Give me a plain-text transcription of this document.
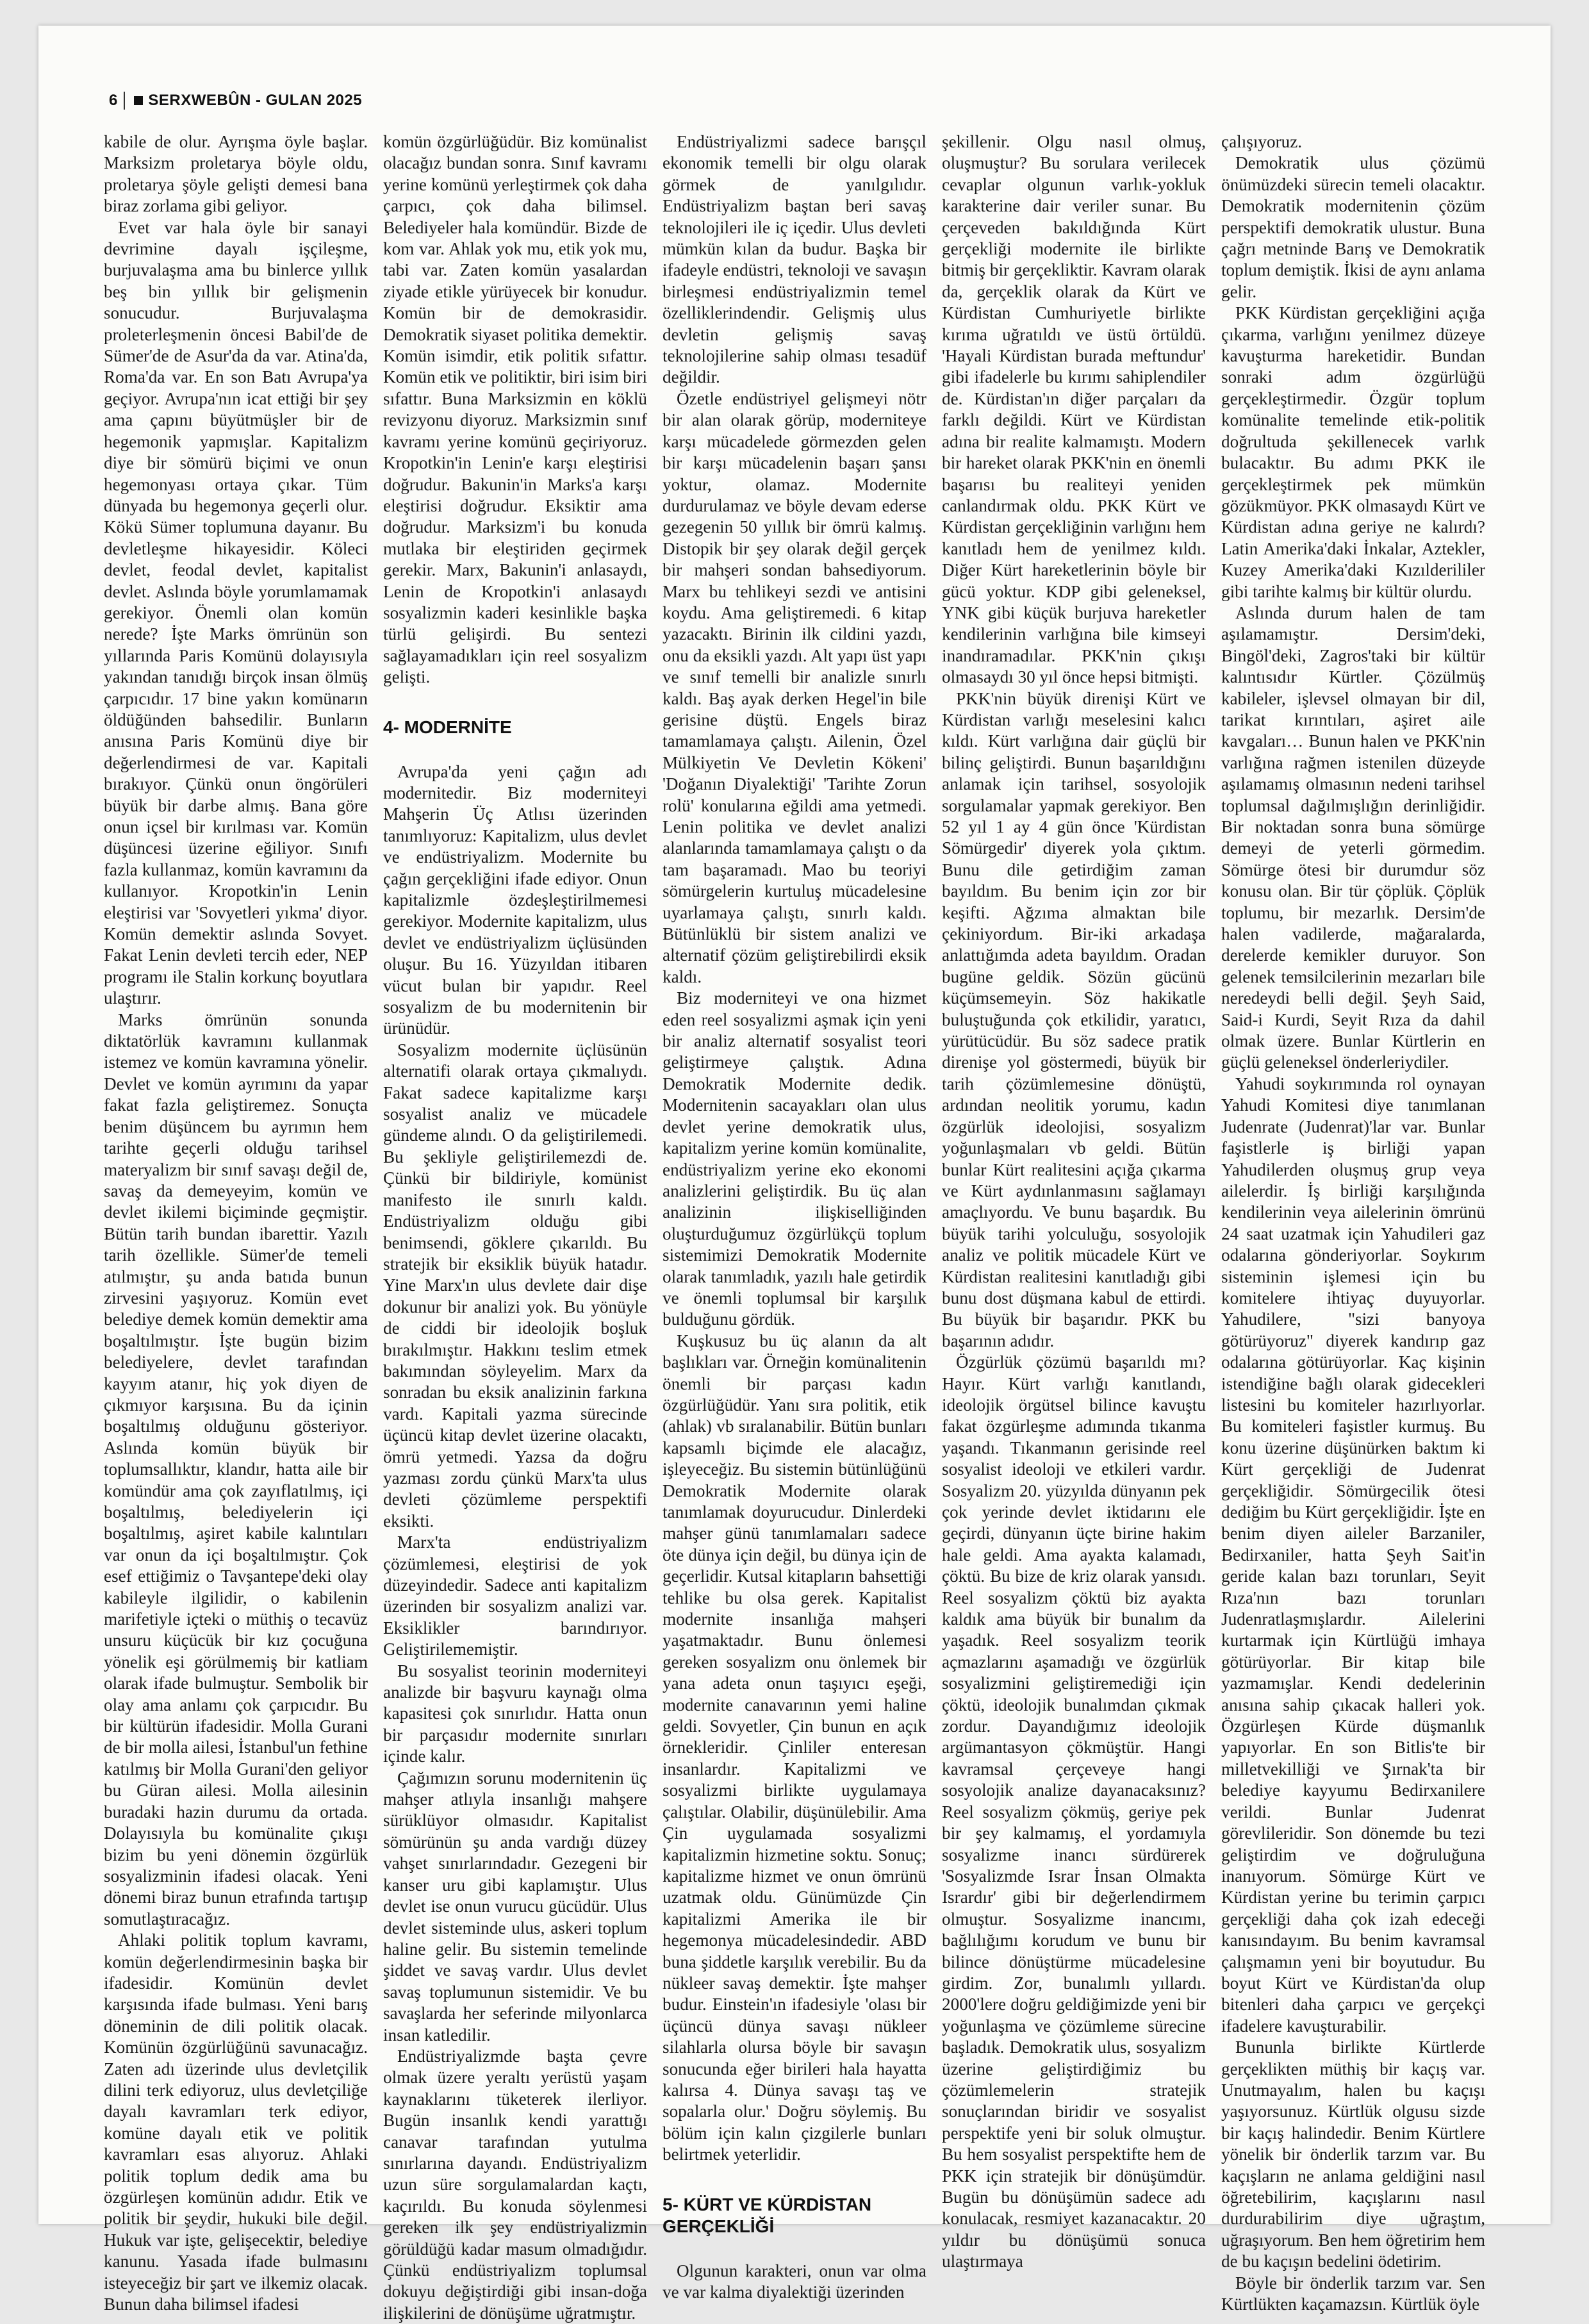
6 SERXWEBÛN - GULAN 2025

kabile de olur. Ayrışma öyle başlar. Marksizm proletarya böyle oldu, proletarya şöyle gelişti demesi bana biraz zorlama gibi geliyor.

Evet var hala öyle bir sanayi devrimine dayalı işçileşme, burjuvalaşma ama bu binlerce yıllık beş bin yıllık bir gelişmenin sonucudur. Burjuvalaşma proleterleşmenin öncesi Babil'de de Sümer'de de Asur'da da var. Atina'da, Roma'da var. En son Batı Avrupa'ya geçiyor. Avrupa'nın icat ettiği bir şey ama çapını büyütmüşler bir de hegemonik yapmışlar. Kapitalizm diye bir sömürü biçimi ve onun hegemonyası ortaya çıkar. Tüm dünyada bu hegemonya geçerli olur. Kökü Sümer toplumuna dayanır. Bu devletleşme hikayesidir. Köleci devlet, feodal devlet, kapitalist devlet. Aslında böyle yorumlamamak gerekiyor. Önemli olan komün nerede? İşte Marks ömrünün son yıllarında Paris Komünü dolayısıyla yakından tanıdığı birçok insan ölmüş çarpıcıdır. 17 bine yakın komünarın öldüğünden bahsedilir. Bunların anısına Paris Komünü diye bir değerlendirmesi de var. Kapitali bırakıyor. Çünkü onun öngörüleri büyük bir darbe almış. Bana göre onun içsel bir kırılması var. Komün düşüncesi üzerine eğiliyor. Sınıfı fazla kullanmaz, komün kavramını da kullanıyor. Kropotkin'in Lenin eleştirisi var 'Sovyetleri yıkma' diyor. Komün demektir aslında Sovyet. Fakat Lenin devleti tercih eder, NEP programı ile Stalin korkunç boyutlara ulaştırır.

Marks ömrünün sonunda diktatörlük kavramını kullanmak istemez ve komün kavramına yönelir. Devlet ve komün ayrımını da yapar fakat fazla geliştiremez. Sonuçta benim düşüncem bu ayrımın hem tarihte geçerli olduğu tarihsel materyalizm bir sınıf savaşı değil de, savaş da demeyeyim, komün ve devlet ikilemi biçiminde geçmiştir. Bütün tarih bundan ibarettir. Yazılı tarih özellikle. Sümer'de temeli atılmıştır, şu anda batıda bunun zirvesini yaşıyoruz. Komün evet belediye demek komün demektir ama boşaltılmıştır. İşte bugün bizim belediyelere, devlet tarafından kayyım atanır, hiç yok diyen de çıkmıyor karşısına. Bu da içinin boşaltılmış olduğunu gösteriyor. Aslında komün büyük bir toplumsallıktır, klandır, hatta aile bir komündür ama çok zayıflatılmış, içi boşaltılmış, belediyelerin içi boşaltılmış, aşiret kabile kalıntıları var onun da içi boşaltılmıştır. Çok esef ettiğimiz o Tavşantepe'deki olay kabileyle ilgilidir, o kabilenin marifetiyle içteki o müthiş o tecavüz unsuru küçücük bir kız çocuğuna yönelik eşi görülmemiş bir katliam olarak ifade bulmuştur. Sembolik bir olay ama anlamı çok çarpıcıdır. Bu bir kültürün ifadesidir. Molla Gurani de bir molla ailesi, İstanbul'un fethine katılmış bir Molla Gurani'den geliyor bu Güran ailesi. Molla ailesinin buradaki hazin durumu da ortada. Dolayısıyla bu komünalite çıkışı bizim bu yeni dönemin özgürlük sosyalizminin ifadesi olacak. Yeni dönemi biraz bunun etrafında tartışıp somutlaştıracağız.

Ahlaki politik toplum kavramı, komün değerlendirmesinin başka bir ifadesidir. Komünün devlet karşısında ifade bulması. Yeni barış döneminin de dili politik olacak. Komünün özgürlüğünü savunacağız. Zaten adı üzerinde ulus devletçilik dilini terk ediyoruz, ulus devletçiliğe dayalı kavramları terk ediyor, komüne dayalı etik ve politik kavramları esas alıyoruz. Ahlaki politik toplum dedik ama bu özgürleşen komünün adıdır. Etik ve politik bir şeydir, hukuki bile değil. Hukuk var işte, gelişecektir, belediye kanunu. Yasada ifade bulmasını isteyeceğiz bir şart ve ilkemiz olacak. Bunun daha bilimsel ifadesi

komün özgürlüğüdür. Biz komünalist olacağız bundan sonra. Sınıf kavramı yerine komünü yerleştirmek çok daha çarpıcı, çok daha bilimsel. Belediyeler hala komündür. Bizde de kom var. Ahlak yok mu, etik yok mu, tabi var. Zaten komün yasalardan ziyade etikle yürüyecek bir konudur. Komün bir de demokrasidir. Demokratik siyaset politika demektir. Komün isimdir, etik politik sıfattır. Komün etik ve politiktir, biri isim biri sıfattır. Buna Marksizmin en köklü revizyonu diyoruz. Marksizmin sınıf kavramı yerine komünü geçiriyoruz. Kropotkin'in Lenin'e karşı eleştirisi doğrudur. Bakunin'in Marks'a karşı eleştirisi doğrudur. Eksiktir ama doğrudur. Marksizm'i bu konuda mutlaka bir eleştiriden geçirmek gerekir. Marx, Bakunin'i anlasaydı, Lenin de Kropotkin'i anlasaydı sosyalizmin kaderi kesinlikle başka türlü gelişirdi. Bu sentezi sağlayamadıkları için reel sosyalizm gelişti.

4- MODERNİTE

Avrupa'da yeni çağın adı modernitedir. Biz moderniteyi Mahşerin Üç Atlısı üzerinden tanımlıyoruz: Kapitalizm, ulus devlet ve endüstriyalizm. Modernite bu çağın gerçekliğini ifade ediyor. Onun kapitalizmle özdeşleştirilmemesi gerekiyor. Modernite kapitalizm, ulus devlet ve endüstriyalizm üçlüsünden oluşur. Bu 16. Yüzyıldan itibaren vücut bulan bir yapıdır. Reel sosyalizm de bu modernitenin bir ürünüdür.

Sosyalizm modernite üçlüsünün alternatifi olarak ortaya çıkmalıydı. Fakat sadece kapitalizme karşı sosyalist analiz ve mücadele gündeme alındı. O da geliştirilemedi. Bu şekliyle geliştirilemezdi de. Çünkü bir bildiriyle, komünist manifesto ile sınırlı kaldı. Endüstriyalizm olduğu gibi benimsendi, göklere çıkarıldı. Bu stratejik bir eksiklik büyük hatadır. Yine Marx'ın ulus devlete dair dişe dokunur bir analizi yok. Bu yönüyle de ciddi bir ideolojik boşluk bırakılmıştır. Hakkını teslim etmek bakımından söyleyelim. Marx da sonradan bu eksik analizinin farkına vardı. Kapitali yazma sürecinde üçüncü kitap devlet üzerine olacaktı, ömrü yetmedi. Yazsa da doğru yazması zordu çünkü Marx'ta ulus devleti çözümleme perspektifi eksikti.

Marx'ta endüstriyalizm çözümlemesi, eleştirisi de yok düzeyindedir. Sadece anti kapitalizm üzerinden bir sosyalizm analizi var. Eksiklikler barındırıyor. Geliştirilememiştir.

Bu sosyalist teorinin moderniteyi analizde bir başvuru kaynağı olma kapasitesi çok sınırlıdır. Hatta onun bir parçasıdır modernite sınırları içinde kalır.

Çağımızın sorunu modernitenin üç mahşer atlıyla insanlığı mahşere sürüklüyor olmasıdır. Kapitalist sömürünün şu anda vardığı düzey vahşet sınırlarındadır. Gezegeni bir kanser uru gibi kaplamıştır. Ulus devlet ise onun vurucu gücüdür. Ulus devlet sisteminde ulus, askeri toplum haline gelir. Bu sistemin temelinde şiddet ve savaş vardır. Ulus devlet savaş toplumunun sistemidir. Ve bu savaşlarda her seferinde milyonlarca insan katledilir.

Endüstriyalizmde başta çevre olmak üzere yeraltı yerüstü yaşam kaynaklarını tüketerek ilerliyor. Bugün insanlık kendi yarattığı canavar tarafından yutulma sınırlarına dayandı. Endüstriyalizm uzun süre sorgulamalardan kaçtı, kaçırıldı. Bu konuda söylenmesi gereken ilk şey endüstriyalizmin görüldüğü kadar masum olmadığıdır. Çünkü endüstriyalizm toplumsal dokuyu değiştirdiği gibi insan-doğa ilişkilerini de dönüşüme uğratmıştır.

Endüstriyalizmi sadece barışçıl ekonomik temelli bir olgu olarak görmek de yanılgılıdır. Endüstriyalizm baştan beri savaş teknolojileri ile iç içedir. Ulus devleti mümkün kılan da budur. Başka bir ifadeyle endüstri, teknoloji ve savaşın birleşmesi endüstriyalizmin temel özelliklerindendir. Gelişmiş ulus devletin gelişmiş savaş teknolojilerine sahip olması tesadüf değildir.

Özetle endüstriyel gelişmeyi nötr bir alan olarak görüp, moderniteye karşı mücadelede görmezden gelen bir karşı mücadelenin başarı şansı yoktur, olamaz. Modernite durdurulamaz ve böyle devam ederse gezegenin 50 yıllık bir ömrü kalmış. Distopik bir şey olarak değil gerçek bir mahşeri sondan bahsediyorum. Marx bu tehlikeyi sezdi ve antisini koydu. Ama geliştiremedi. 6 kitap yazacaktı. Birinin ilk cildini yazdı, onu da eksikli yazdı. Alt yapı üst yapı ve sınıf temelli bir analizle sınırlı kaldı. Baş ayak derken Hegel'in bile gerisine düştü. Engels biraz tamamlamaya çalıştı. Ailenin, Özel Mülkiyetin Ve Devletin Kökeni' 'Doğanın Diyalektiği' 'Tarihte Zorun rolü' konularına eğildi ama yetmedi. Lenin politika ve devlet analizi alanlarında tamamlamaya çalıştı o da tam başaramadı. Mao bu teoriyi sömürgelerin kurtuluş mücadelesine uyarlamaya çalıştı, sınırlı kaldı. Bütünlüklü bir sistem analizi ve alternatif çözüm geliştirebilirdi eksik kaldı.

Biz moderniteyi ve ona hizmet eden reel sosyalizmi aşmak için yeni bir analiz alternatif sosyalist teori geliştirmeye çalıştık. Adına Demokratik Modernite dedik. Modernitenin sacayakları olan ulus devlet yerine demokratik ulus, kapitalizm yerine komün komünalite, endüstriyalizm yerine eko ekonomi analizlerini geliştirdik. Bu üç alan analizinin ilişkiselliğinden oluşturduğumuz özgürlükçü toplum sistemimizi Demokratik Modernite olarak tanımladık, yazılı hale getirdik ve önemli toplumsal bir karşılık bulduğunu gördük.

Kuşkusuz bu üç alanın da alt başlıkları var. Örneğin komünalitenin önemli bir parçası kadın özgürlüğüdür. Yanı sıra politik, etik (ahlak) vb sıralanabilir. Bütün bunları kapsamlı biçimde ele alacağız, işleyeceğiz. Bu sistemin bütünlüğünü Demokratik Modernite olarak tanımlamak doyurucudur. Dinlerdeki mahşer günü tanımlamaları sadece öte dünya için değil, bu dünya için de geçerlidir. Kutsal kitapların bahsettiği tehlike bu olsa gerek. Kapitalist modernite insanlığa mahşeri yaşatmaktadır. Bunu önlemesi gereken sosyalizm onu önlemek bir yana adeta onun taşıyıcı eşeği, modernite canavarının yemi haline geldi. Sovyetler, Çin bunun en açık örnekleridir. Çinliler enteresan insanlardır. Kapitalizmi ve sosyalizmi birlikte uygulamaya çalıştılar. Olabilir, düşünülebilir. Ama Çin uygulamada sosyalizmi kapitalizmin hizmetine soktu. Sonuç; kapitalizme hizmet ve onun ömrünü uzatmak oldu. Günümüzde Çin kapitalizmi Amerika ile bir hegemonya mücadelesindedir. ABD buna şiddetle karşılık verebilir. Bu da nükleer savaş demektir. İşte mahşer budur. Einstein'ın ifadesiyle 'olası bir üçüncü dünya savaşı nükleer silahlarla olursa böyle bir savaşın sonucunda eğer birileri hala hayatta kalırsa 4. Dünya savaşı taş ve sopalarla olur.' Doğru söylemiş. Bu bölüm için kalın çizgilerle bunları belirtmek yeterlidir.

5- KÜRT VE KÜRDİSTAN GERÇEKLİĞİ

Olgunun karakteri, onun var olma ve var kalma diyalektiği üzerinden

şekillenir. Olgu nasıl olmuş, oluşmuştur? Bu sorulara verilecek cevaplar olgunun varlık-yokluk karakterine dair veriler sunar. Bu çerçeveden bakıldığında Kürt gerçekliği modernite ile birlikte bitmiş bir gerçekliktir. Kavram olarak da, gerçeklik olarak da Kürt ve Kürdistan Cumhuriyetle birlikte kırıma uğratıldı ve üstü örtüldü. 'Hayali Kürdistan burada meftundur' gibi ifadelerle bu kırımı sahiplendiler de. Kürdistan'ın diğer parçaları da farklı değildi. Kürt ve Kürdistan adına bir realite kalmamıştı. Modern bir hareket olarak PKK'nin en önemli başarısı bu realiteyi yeniden canlandırmak oldu. PKK Kürt ve Kürdistan gerçekliğinin varlığını hem kanıtladı hem de yenilmez kıldı. Diğer Kürt hareketlerinin böyle bir gücü yoktur. KDP gibi geleneksel, YNK gibi küçük burjuva hareketler kendilerinin varlığına bile kimseyi inandıramadılar. PKK'nin çıkışı olmasaydı 30 yıl önce hepsi bitmişti.

PKK'nin büyük direnişi Kürt ve Kürdistan varlığı meselesini kalıcı kıldı. Kürt varlığına dair güçlü bir bilinç geliştirdi. Bunun başarıldığını anlamak için tarihsel, sosyolojik sorgulamalar yapmak gerekiyor. Ben 52 yıl 1 ay 4 gün önce 'Kürdistan Sömürgedir' diyerek yola çıktım. Bunu dile getirdiğim zaman bayıldım. Bu benim için zor bir keşifti. Ağzıma almaktan bile çekiniyordum. Bir-iki arkadaşa anlattığımda adeta bayıldım. Oradan bugüne geldik. Sözün gücünü küçümsemeyin. Söz hakikatle buluştuğunda çok etkilidir, yaratıcı, yürütücüdür. Bu söz sadece pratik direnişe yol göstermedi, büyük bir tarih çözümlemesine dönüştü, ardından neolitik yorumu, kadın özgürlük ideolojisi, sosyalizm yoğunlaşmaları vb geldi. Bütün bunlar Kürt realitesini açığa çıkarma ve Kürt aydınlanmasını sağlamayı amaçlıyordu. Ve bunu başardık. Bu büyük tarihi yolculuğu, sosyolojik analiz ve politik mücadele Kürt ve Kürdistan realitesini kanıtladığı gibi bunu dost düşmana kabul de ettirdi. Bu büyük bir başarıdır. PKK bu başarının adıdır.

Özgürlük çözümü başarıldı mı? Hayır. Kürt varlığı kanıtlandı, ideolojik örgütsel bilince kavuştu fakat özgürleşme adımında tıkanma yaşandı. Tıkanmanın gerisinde reel sosyalist ideoloji ve etkileri vardır. Sosyalizm 20. yüzyılda dünyanın pek çok yerinde devlet iktidarını ele geçirdi, dünyanın üçte birine hakim hale geldi. Ama ayakta kalamadı, çöktü. Bu bize de kriz olarak yansıdı. Reel sosyalizm çöktü biz ayakta kaldık ama büyük bir bunalım da yaşadık. Reel sosyalizm teorik açmazlarını aşamadığı ve özgürlük sosyalizmini geliştiremediği için çöktü, ideolojik bunalımdan çıkmak zordur. Dayandığımız ideolojik argümantasyon çökmüştür. Hangi kavramsal çerçeveye hangi sosyolojik analize dayanacaksınız? Reel sosyalizm çökmüş, geriye pek bir şey kalmamış, el yordamıyla sosyalizme inancı sürdürerek 'Sosyalizmde Israr İnsan Olmakta Isrardır' gibi bir değerlendirmem olmuştur. Sosyalizme inancımı, bağlılığımı korudum ve bunu bir bilince dönüştürme mücadelesine girdim. Zor, bunalımlı yıllardı. 2000'lere doğru geldiğimizde yeni bir yoğunlaşma ve çözümleme sürecine başladık. Demokratik ulus, sosyalizm üzerine geliştirdiğimiz bu çözümlemelerin stratejik sonuçlarından biridir ve sosyalist perspektife yeni bir soluk olmuştur. Bu hem sosyalist perspektifte hem de PKK için stratejik bir dönüşümdür. Bugün bu dönüşümün sadece adı konulacak, resmiyet kazanacaktır. 20 yıldır bu dönüşümü sonuca ulaştırmaya

çalışıyoruz.

Demokratik ulus çözümü önümüzdeki sürecin temeli olacaktır. Demokratik modernitenin çözüm perspektifi demokratik ulustur. Buna çağrı metninde Barış ve Demokratik toplum demiştik. İkisi de aynı anlama gelir.

PKK Kürdistan gerçekliğini açığa çıkarma, varlığını yenilmez düzeye kavuşturma hareketidir. Bundan sonraki adım özgürlüğü gerçekleştirmedir. Özgür toplum komünalite temelinde etik-politik doğrultuda şekillenecek varlık bulacaktır. Bu adımı PKK ile gerçekleştirmek pek mümkün gözükmüyor. PKK olmasaydı Kürt ve Kürdistan adına geriye ne kalırdı? Latin Amerika'daki İnkalar, Aztekler, Kuzey Amerika'daki Kızılderililer gibi tarihte kalmış bir kültür olurdu.

Aslında durum halen de tam aşılamamıştır. Dersim'deki, Bingöl'deki, Zagros'taki bir kültür kalıntısıdır Kürtler. Çözülmüş kabileler, işlevsel olmayan bir dil, tarikat kırıntıları, aşiret aile kavgaları… Bunun halen ve PKK'nin varlığına rağmen istenilen düzeyde aşılamamış olmasının nedeni tarihsel toplumsal dağılmışlığın derinliğidir. Bir noktadan sonra buna sömürge demeyi de yeterli görmedim. Sömürge ötesi bir durumdur söz konusu olan. Bir tür çöplük. Çöplük toplumu, bir mezarlık. Dersim'de halen vadilerde, mağaralarda, derelerde kemikler duruyor. Son gelenek temsilcilerinin mezarları bile neredeydi belli değil. Şeyh Said, Said-i Kurdi, Seyit Rıza da dahil olmak üzere. Bunlar Kürtlerin en güçlü geleneksel önderleriydiler.

Yahudi soykırımında rol oynayan Yahudi Komitesi diye tanımlanan Judenrate (Judenrat)'lar var. Bunlar faşistlerle iş birliği yapan Yahudilerden oluşmuş grup veya ailelerdir. İş birliği karşılığında kendilerinin veya ailelerinin ömrünü 24 saat uzatmak için Yahudileri gaz odalarına gönderiyorlar. Soykırım sisteminin işlemesi için bu komitelere ihtiyaç duyuyorlar. Yahudilere, "sizi banyoya götürüyoruz" diyerek kandırıp gaz odalarına götürüyorlar. Kaç kişinin istendiğine bağlı olarak gidecekleri listesini bu komiteler hazırlıyorlar. Bu komiteleri faşistler kurmuş. Bu konu üzerine düşünürken baktım ki Kürt gerçekliği de Judenrat gerçekliğidir. Sömürgecilik ötesi dediğim bu Kürt gerçekliğidir. İşte en benim diyen aileler Barzaniler, Bedirxaniler, hatta Şeyh Sait'in geride kalan bazı torunları, Seyit Rıza'nın bazı torunları Judenratlaşmışlardır. Ailelerini kurtarmak için Kürtlüğü imhaya götürüyorlar. Bir kitap bile yazmamışlar. Kendi dedelerinin anısına sahip çıkacak halleri yok. Özgürleşen Kürde düşmanlık yapıyorlar. En son Bitlis'te bir milletvekilliği ve Şırnak'ta bir belediye kayyumu Bedirxanilere verildi. Bunlar Judenrat görevlileridir. Son dönemde bu tezi geliştirdim ve doğruluğuna inanıyorum. Sömürge Kürt ve Kürdistan yerine bu terimin çarpıcı gerçekliği daha çok izah edeceği kanısındayım. Bu benim kavramsal çalışmamın yeni bir boyutudur. Bu boyut Kürt ve Kürdistan'da olup bitenleri daha çarpıcı ve gerçekçi ifadelere kavuşturabilir.

Bununla birlikte Kürtlerde gerçeklikten müthiş bir kaçış var. Unutmayalım, halen bu kaçışı yaşıyorsunuz. Kürtlük olgusu sizde bir kaçış halindedir. Benim Kürtlere yönelik bir önderlik tarzım var. Bu kaçışların ne anlama geldiğini nasıl öğretebilirim, kaçışlarını nasıl durdurabilirim diye uğraştım, uğraşıyorum. Ben hem öğretirim hem de bu kaçışın bedelini ödetirim.

Böyle bir önderlik tarzım var. Sen Kürtlükten kaçamazsın. Kürtlük öyle
